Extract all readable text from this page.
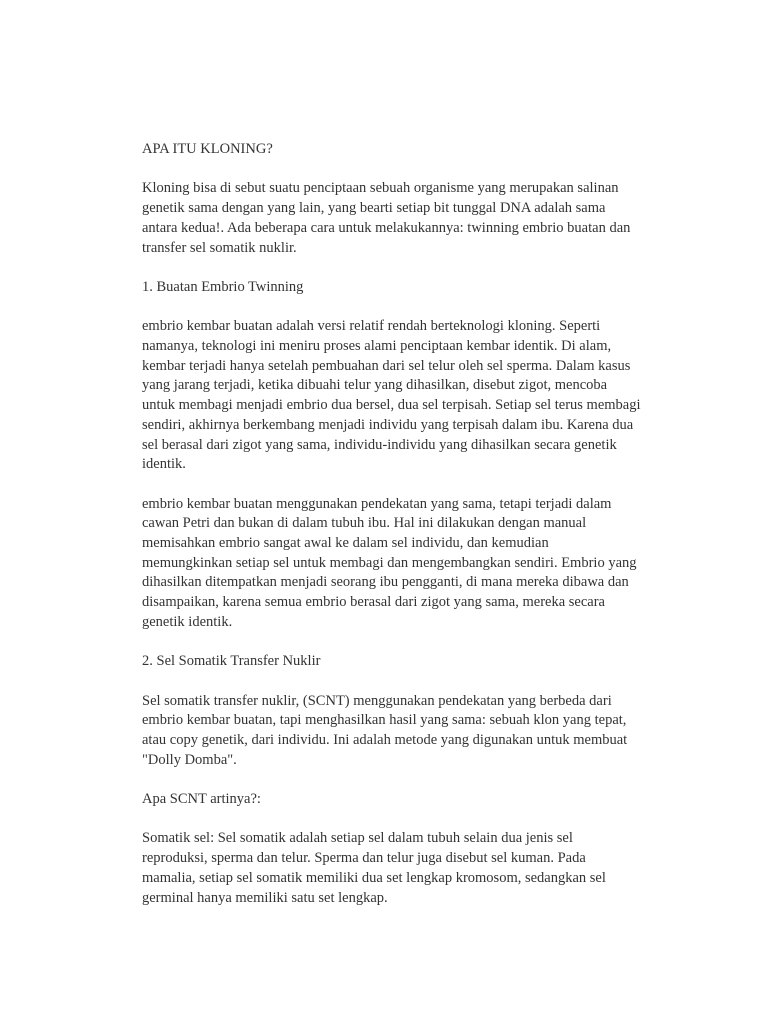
APA ITU KLONING?
Kloning bisa di sebut suatu penciptaan sebuah organisme yang merupakan salinan
genetik sama dengan yang lain, yang bearti setiap bit tunggal DNA adalah sama
antara kedua!. Ada beberapa cara untuk melakukannya: twinning embrio buatan dan
transfer sel somatik nuklir.
1. Buatan Embrio Twinning
embrio kembar buatan adalah versi relatif rendah berteknologi kloning. Seperti
namanya, teknologi ini meniru proses alami penciptaan kembar identik. Di alam,
kembar terjadi hanya setelah pembuahan dari sel telur oleh sel sperma. Dalam kasus
yang jarang terjadi, ketika dibuahi telur yang dihasilkan, disebut zigot, mencoba
untuk membagi menjadi embrio dua bersel, dua sel terpisah. Setiap sel terus membagi
sendiri, akhirnya berkembang menjadi individu yang terpisah dalam ibu. Karena dua
sel berasal dari zigot yang sama, individu-individu yang dihasilkan secara genetik
identik.
embrio kembar buatan menggunakan pendekatan yang sama, tetapi terjadi dalam
cawan Petri dan bukan di dalam tubuh ibu. Hal ini dilakukan dengan manual
memisahkan embrio sangat awal ke dalam sel individu, dan kemudian
memungkinkan setiap sel untuk membagi dan mengembangkan sendiri. Embrio yang
dihasilkan ditempatkan menjadi seorang ibu pengganti, di mana mereka dibawa dan
disampaikan, karena semua embrio berasal dari zigot yang sama, mereka secara
genetik identik.
2. Sel Somatik Transfer Nuklir
Sel somatik transfer nuklir, (SCNT) menggunakan pendekatan yang berbeda dari
embrio kembar buatan, tapi menghasilkan hasil yang sama: sebuah klon yang tepat,
atau copy genetik, dari individu. Ini adalah metode yang digunakan untuk membuat
"Dolly Domba".
Apa SCNT artinya?:
Somatik sel: Sel somatik adalah setiap sel dalam tubuh selain dua jenis sel
reproduksi, sperma dan telur. Sperma dan telur juga disebut sel kuman. Pada
mamalia, setiap sel somatik memiliki dua set lengkap kromosom, sedangkan sel
germinal hanya memiliki satu set lengkap.
